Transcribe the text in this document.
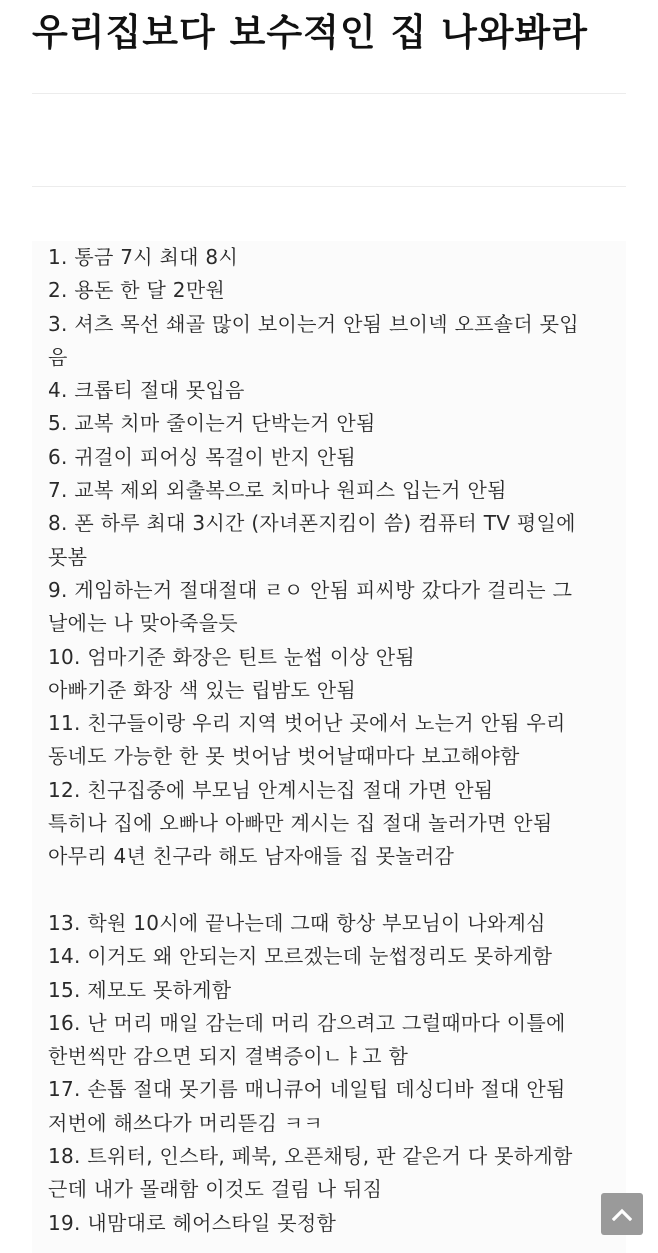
우리집보다 보수적인 집 나와봐라
1. 통금 7시 최대 8시
2. 용돈 한 달 2만원
3. 셔츠 목선 쇄골 많이 보이는거 안됨 브이넥 오프숄더 못입
음
4. 크롭티 절대 못입음
5. 교복 치마 줄이는거 단박는거 안됨
6. 귀걸이 피어싱 목걸이 반지 안됨
7. 교복 제외 외출복으로 치마나 원피스 입는거 안됨
8. 폰 하루 최대 3시간 (자녀폰지킴이 씀) 컴퓨터 TV 평일에
못봄
9. 게임하는거 절대절대 ㄹㅇ 안됨 피씨방 갔다가 걸리는 그
날에는 나 맞아죽을듯
10. 엄마기준 화장은 틴트 눈썹 이상 안됨
아빠기준 화장 색 있는 립밤도 안됨
11. 친구들이랑 우리 지역 벗어난 곳에서 노는거 안됨 우리
동네도 가능한 한 못 벗어남 벗어날때마다 보고해야함
12. 친구집중에 부모님 안계시는집 절대 가면 안됨
특히나 집에 오빠나 아빠만 계시는 집 절대 놀러가면 안됨
아무리 4년 친구라 해도 남자애들 집 못놀러감
13. 학원 10시에 끝나는데 그때 항상 부모님이 나와계심
14. 이거도 왜 안되는지 모르겠는데 눈썹정리도 못하게함
15. 제모도 못하게함
16. 난 머리 매일 감는데 머리 감으려고 그럴때마다 이틀에
한번씩만 감으면 되지 결벽증이ㄴㅑ고 함
17. 손톱 절대 못기름 매니큐어 네일팁 데싱디바 절대 안됨
저번에 해쓰다가 머리뜯김 ㅋㅋ
18. 트위터, 인스타, 페북, 오픈채팅, 판 같은거 다 못하게함
근데 내가 몰래함 이것도 걸림 나 뒤짐
19. 내맘대로 헤어스타일 못정함
